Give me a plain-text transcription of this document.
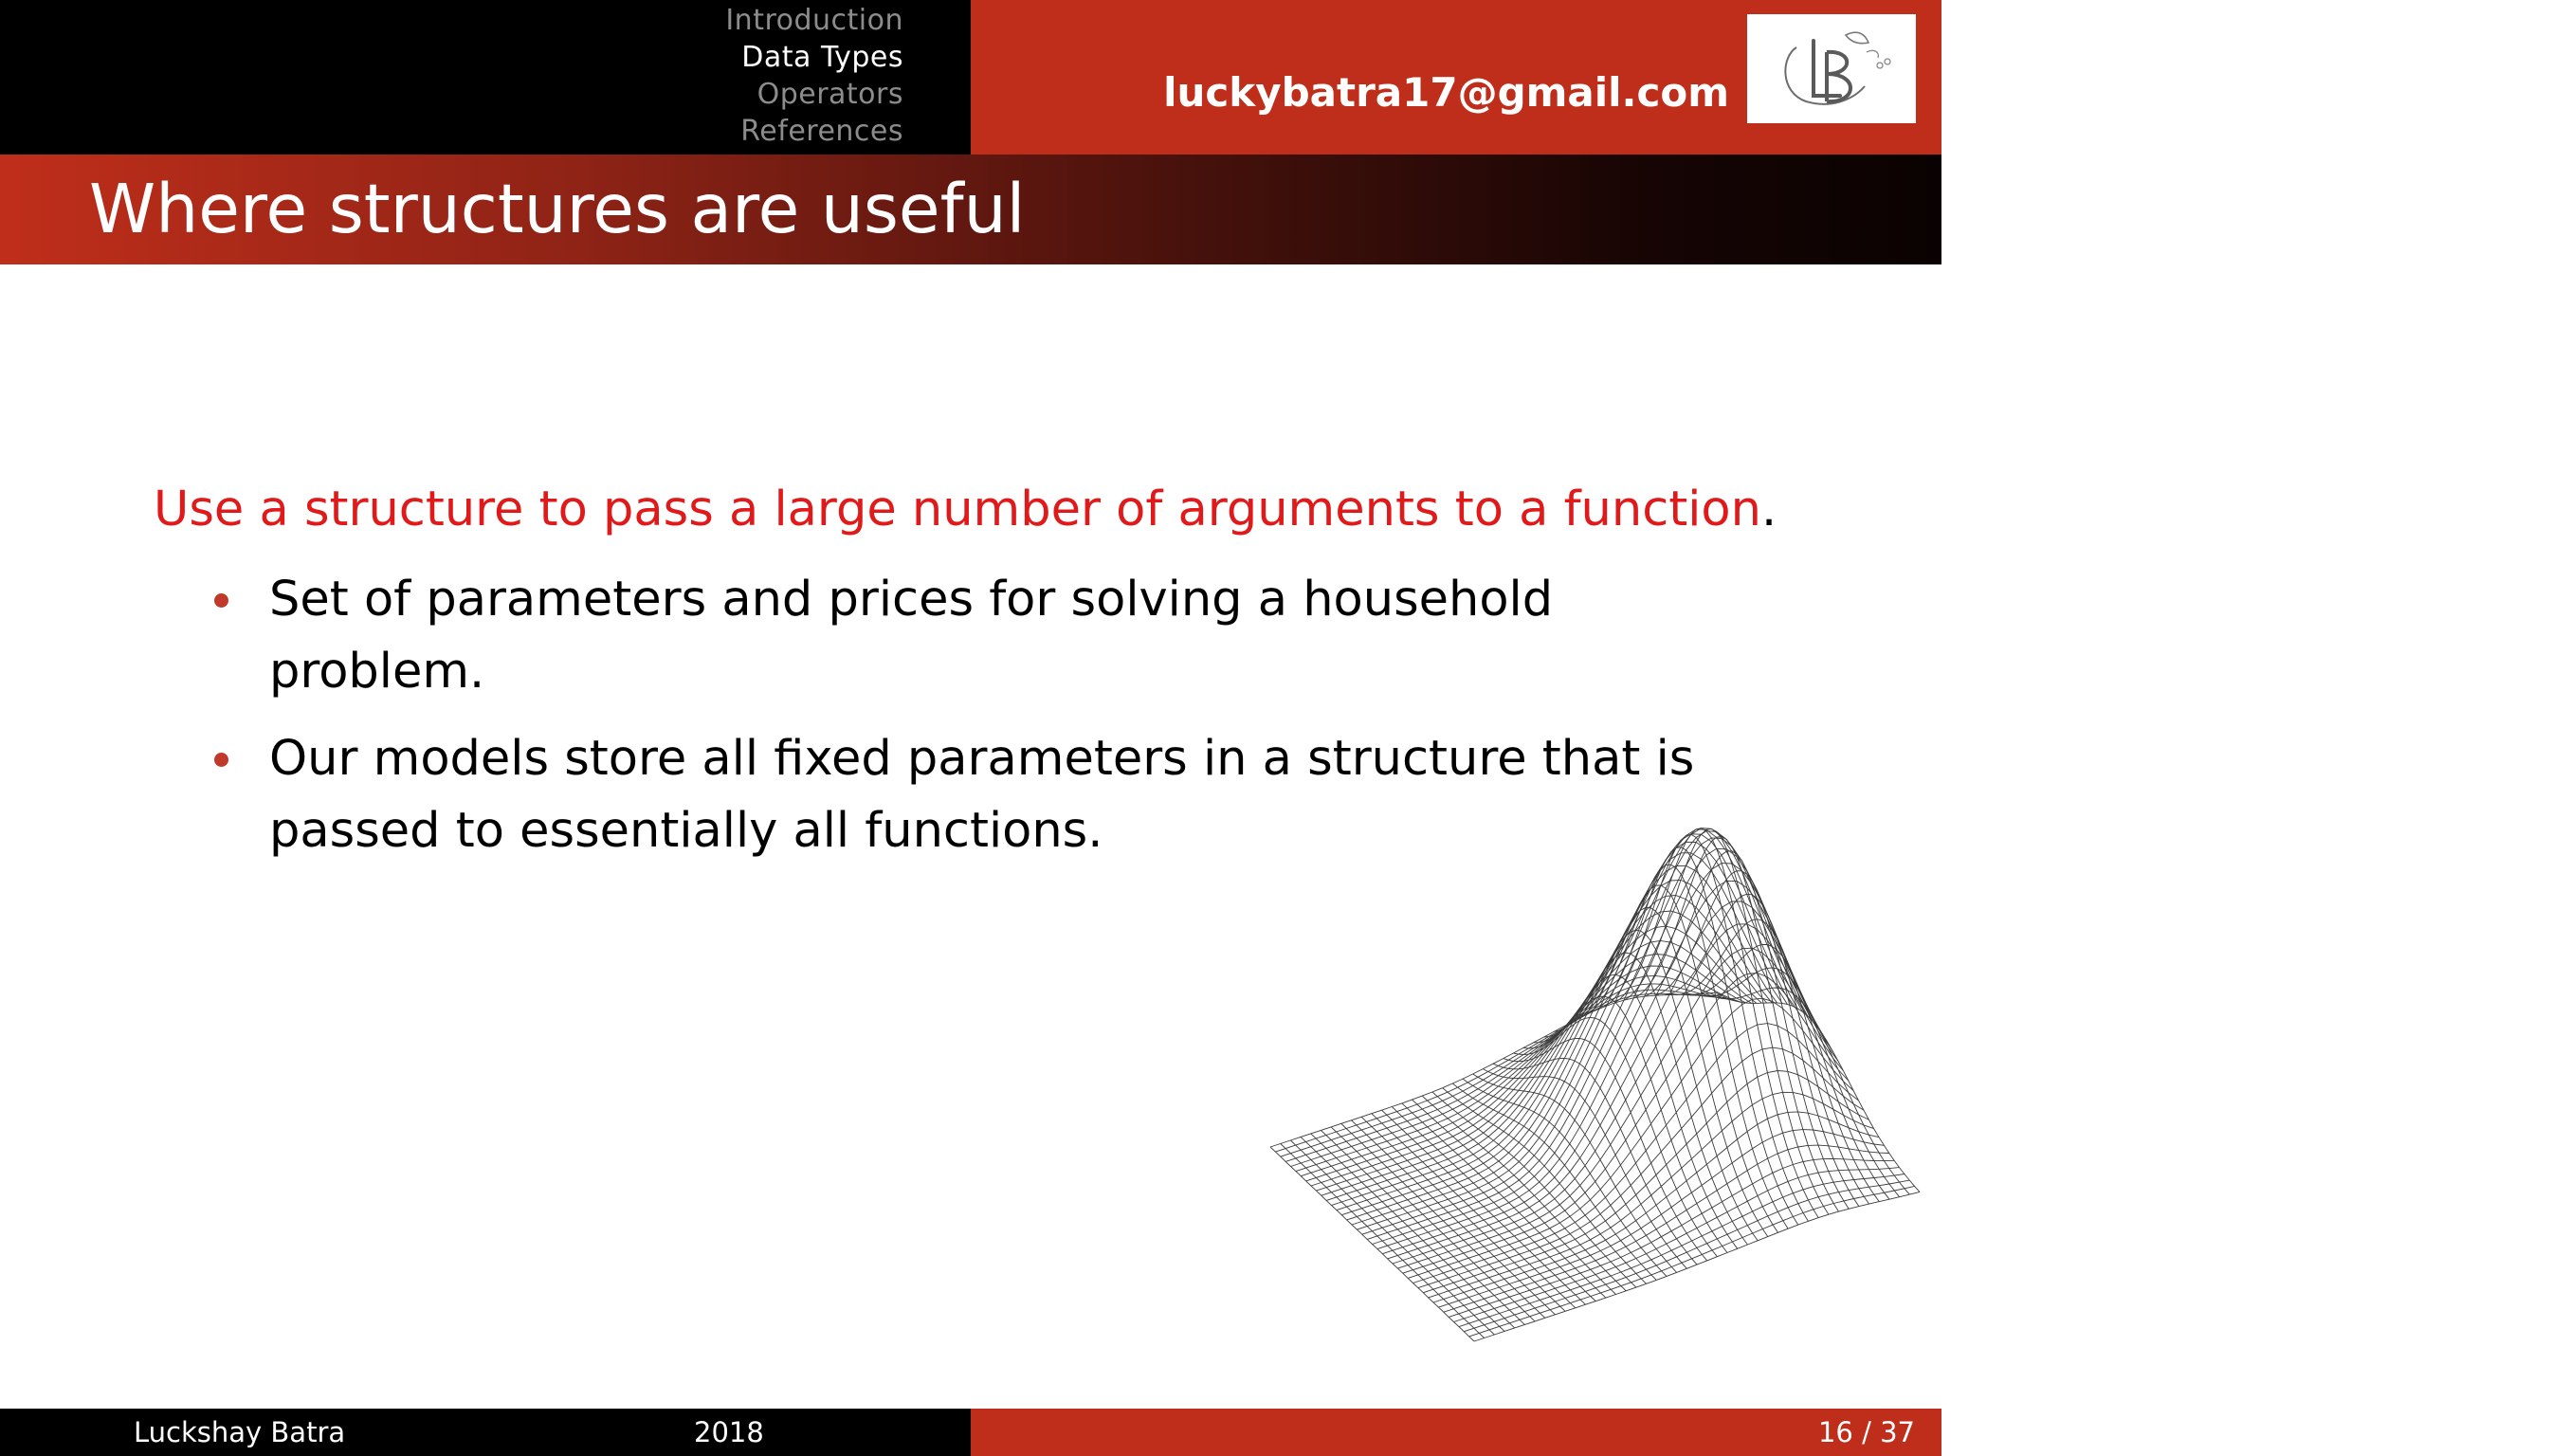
Introduction
Data Types
Operators
References
luckybatra17@gmail.com
Where structures are useful

Use a structure to pass a large number of arguments to a function.

Set of parameters and prices for solving a household problem.
Our models store all fixed parameters in a structure that is passed to essentially all functions.
Luckshay Batra	2018	Matlab - Data Types and Operators
16 / 37
